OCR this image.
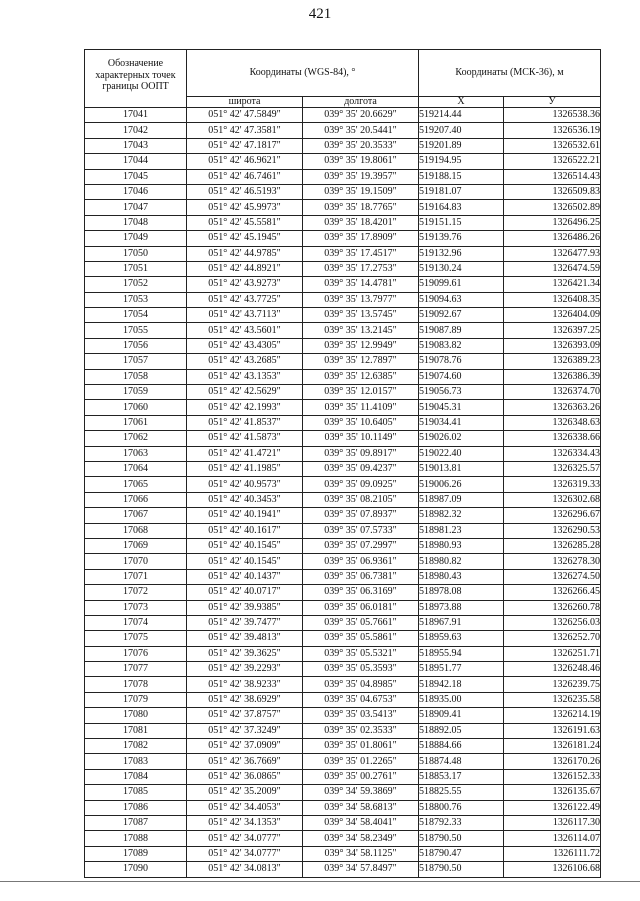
421
Обозначение характерных точек границы ООПТ	Координаты (WGS-84), °		Координаты (МСК-36), м	
	широта	долгота	X	У
17041	051° 42' 47.5849"	039° 35' 20.6629"	519214.44	1326538.36
17042	051° 42' 47.3581"	039° 35' 20.5441"	519207.40	1326536.19
17043	051° 42' 47.1817"	039° 35' 20.3533"	519201.89	1326532.61
17044	051° 42' 46.9621"	039° 35' 19.8061"	519194.95	1326522.21
17045	051° 42' 46.7461"	039° 35' 19.3957"	519188.15	1326514.43
17046	051° 42' 46.5193"	039° 35' 19.1509"	519181.07	1326509.83
17047	051° 42' 45.9973"	039° 35' 18.7765"	519164.83	1326502.89
17048	051° 42' 45.5581"	039° 35' 18.4201"	519151.15	1326496.25
17049	051° 42' 45.1945"	039° 35' 17.8909"	519139.76	1326486.26
17050	051° 42' 44.9785"	039° 35' 17.4517"	519132.96	1326477.93
17051	051° 42' 44.8921"	039° 35' 17.2753"	519130.24	1326474.59
17052	051° 42' 43.9273"	039° 35' 14.4781"	519099.61	1326421.34
17053	051° 42' 43.7725"	039° 35' 13.7977"	519094.63	1326408.35
17054	051° 42' 43.7113"	039° 35' 13.5745"	519092.67	1326404.09
17055	051° 42' 43.5601"	039° 35' 13.2145"	519087.89	1326397.25
17056	051° 42' 43.4305"	039° 35' 12.9949"	519083.82	1326393.09
17057	051° 42' 43.2685"	039° 35' 12.7897"	519078.76	1326389.23
17058	051° 42' 43.1353"	039° 35' 12.6385"	519074.60	1326386.39
17059	051° 42' 42.5629"	039° 35' 12.0157"	519056.73	1326374.70
17060	051° 42' 42.1993"	039° 35' 11.4109"	519045.31	1326363.26
17061	051° 42' 41.8537"	039° 35' 10.6405"	519034.41	1326348.63
17062	051° 42' 41.5873"	039° 35' 10.1149"	519026.02	1326338.66
17063	051° 42' 41.4721"	039° 35' 09.8917"	519022.40	1326334.43
17064	051° 42' 41.1985"	039° 35' 09.4237"	519013.81	1326325.57
17065	051° 42' 40.9573"	039° 35' 09.0925"	519006.26	1326319.33
17066	051° 42' 40.3453"	039° 35' 08.2105"	518987.09	1326302.68
17067	051° 42' 40.1941"	039° 35' 07.8937"	518982.32	1326296.67
17068	051° 42' 40.1617"	039° 35' 07.5733"	518981.23	1326290.53
17069	051° 42' 40.1545"	039° 35' 07.2997"	518980.93	1326285.28
17070	051° 42' 40.1545"	039° 35' 06.9361"	518980.82	1326278.30
17071	051° 42' 40.1437"	039° 35' 06.7381"	518980.43	1326274.50
17072	051° 42' 40.0717"	039° 35' 06.3169"	518978.08	1326266.45
17073	051° 42' 39.9385"	039° 35' 06.0181"	518973.88	1326260.78
17074	051° 42' 39.7477"	039° 35' 05.7661"	518967.91	1326256.03
17075	051° 42' 39.4813"	039° 35' 05.5861"	518959.63	1326252.70
17076	051° 42' 39.3625"	039° 35' 05.5321"	518955.94	1326251.71
17077	051° 42' 39.2293"	039° 35' 05.3593"	518951.77	1326248.46
17078	051° 42' 38.9233"	039° 35' 04.8985"	518942.18	1326239.75
17079	051° 42' 38.6929"	039° 35' 04.6753"	518935.00	1326235.58
17080	051° 42' 37.8757"	039° 35' 03.5413"	518909.41	1326214.19
17081	051° 42' 37.3249"	039° 35' 02.3533"	518892.05	1326191.63
17082	051° 42' 37.0909"	039° 35' 01.8061"	518884.66	1326181.24
17083	051° 42' 36.7669"	039° 35' 01.2265"	518874.48	1326170.26
17084	051° 42' 36.0865"	039° 35' 00.2761"	518853.17	1326152.33
17085	051° 42' 35.2009"	039° 34' 59.3869"	518825.55	1326135.67
17086	051° 42' 34.4053"	039° 34' 58.6813"	518800.76	1326122.49
17087	051° 42' 34.1353"	039° 34' 58.4041"	518792.33	1326117.30
17088	051° 42' 34.0777"	039° 34' 58.2349"	518790.50	1326114.07
17089	051° 42' 34.0777"	039° 34' 58.1125"	518790.47	1326111.72
17090	051° 42' 34.0813"	039° 34' 57.8497"	518790.50	1326106.68
